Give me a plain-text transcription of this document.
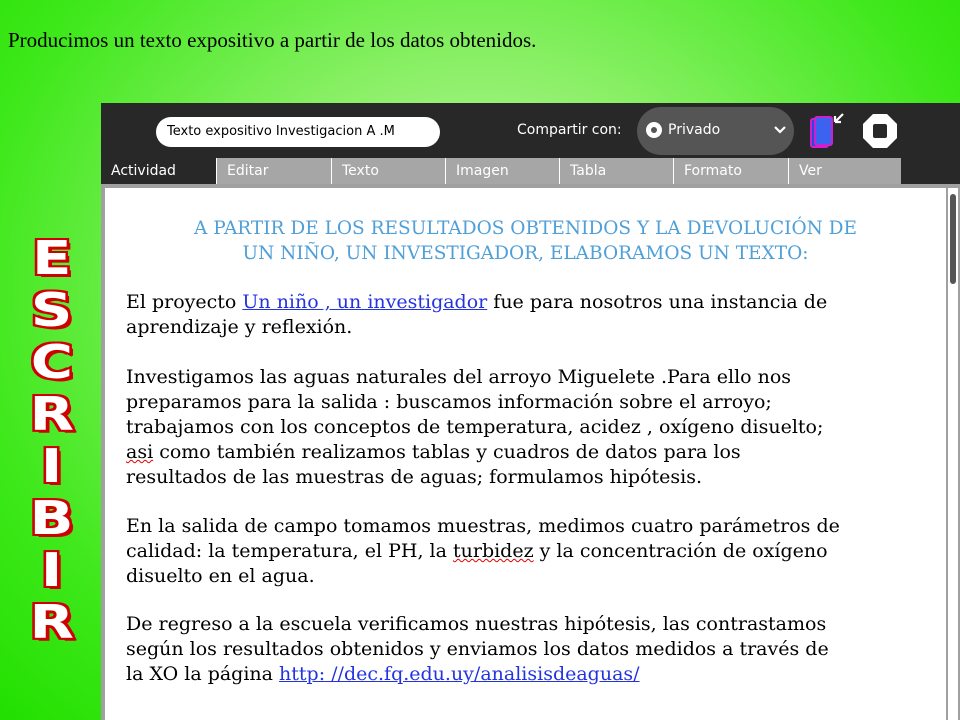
Producimos un texto expositivo a partir de los datos obtenidos.
E
S
C
R
I
B
I
R
Texto expositivo Investigacion A .M	Compartir con:	Privado
Actividad	Editar	Texto	Imagen	Tabla	Formato	Ver
A PARTIR DE LOS RESULTADOS OBTENIDOS Y LA DEVOLUCIÓN DE
UN NIÑO, UN INVESTIGADOR, ELABORAMOS UN TEXTO:
El proyecto Un niño , un investigador fue para nosotros una instancia de
aprendizaje y reflexión.
Investigamos las aguas naturales del arroyo Miguelete .Para ello nos
preparamos para la salida : buscamos información sobre el arroyo;
trabajamos con los conceptos de temperatura, acidez , oxígeno disuelto;
asi como también realizamos tablas y cuadros de datos para los
resultados de las muestras de aguas; formulamos hipótesis.
En la salida de campo tomamos muestras, medimos cuatro parámetros de
calidad: la temperatura, el PH, la turbidez y la concentración de oxígeno
disuelto en el agua.
De regreso a la escuela verificamos nuestras hipótesis, las contrastamos
según los resultados obtenidos y enviamos los datos medidos a través de
la XO la página http: //dec.fq.edu.uy/analisisdeaguas/
